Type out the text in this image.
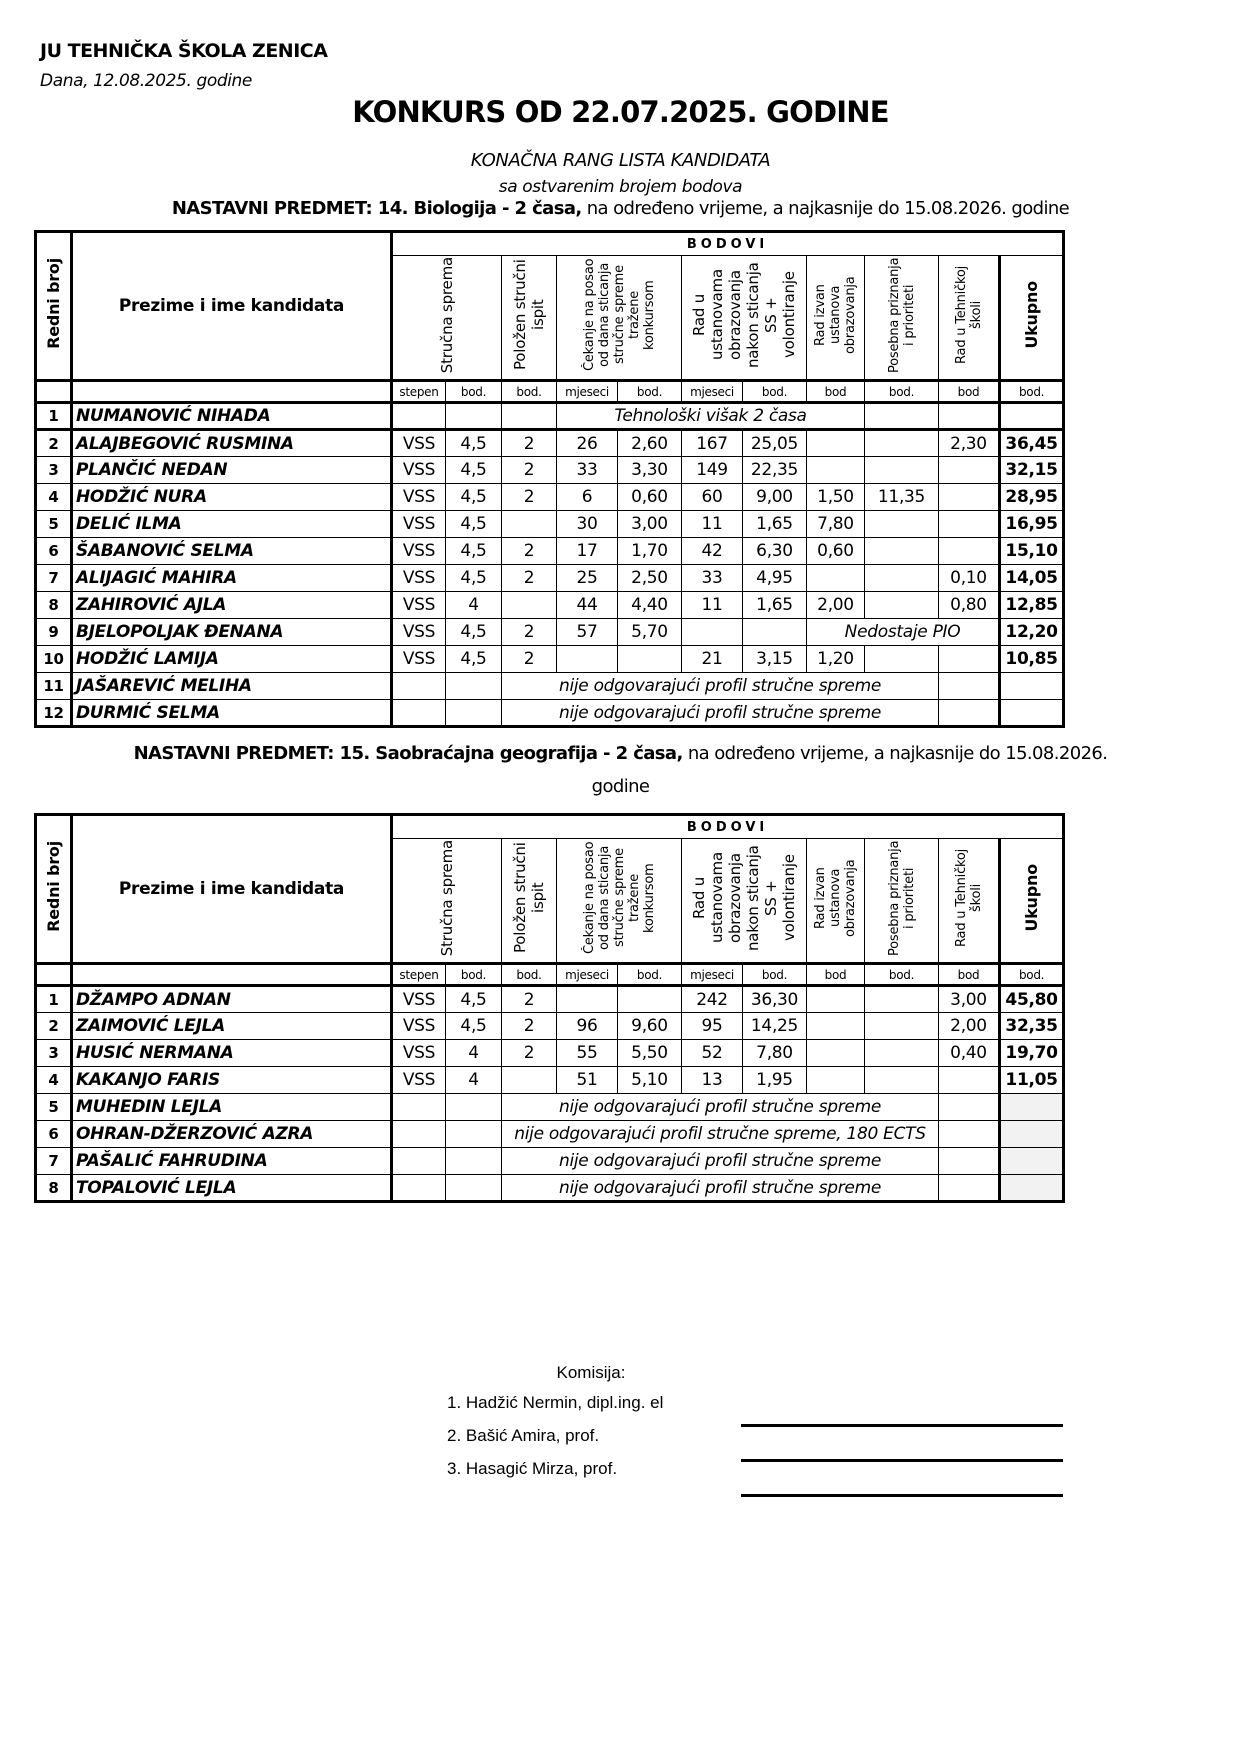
JU TEHNIČKA ŠKOLA ZENICA
Dana, 12.08.2025. godine
KONKURS OD 22.07.2025. GODINE
KONAČNA RANG LISTA KANDIDATA
sa ostvarenim brojem bodova
NASTAVNI PREDMET: 14. Biologija - 2 časa, na određeno vrijeme, a najkasnije do 15.08.2026. godine
Redni broj	Prezime i ime kandidata	BODOVI										
		Stručna sprema		Položen stručni ispit	Čekanje na posao od dana sticanja stručne spreme tražene konkursom		Rad u ustanovama obrazovanja nakon sticanja SS + volontiranje		Rad izvan ustanova obrazovanja	Posebna priznanja i prioriteti	Rad u Tehničkoj školi	Ukupno
		stepen	bod.	bod.	mjeseci	bod.	mjeseci	bod.	bod	bod.	bod	bod.
1	NUMANOVIĆ NIHADA				Tehnološki višak 2 časa							
2	ALAJBEGOVIĆ RUSMINA	VSS	4,5	2	26	2,60	167	25,05			2,30	36,45
3	PLANČIĆ NEDAN	VSS	4,5	2	33	3,30	149	22,35				32,15
4	HODŽIĆ NURA	VSS	4,5	2	6	0,60	60	9,00	1,50	11,35		28,95
5	DELIĆ ILMA	VSS	4,5		30	3,00	11	1,65	7,80			16,95
6	ŠABANOVIĆ SELMA	VSS	4,5	2	17	1,70	42	6,30	0,60			15,10
7	ALIJAGIĆ MAHIRA	VSS	4,5	2	25	2,50	33	4,95			0,10	14,05
8	ZAHIROVIĆ AJLA	VSS	4		44	4,40	11	1,65	2,00		0,80	12,85
9	BJELOPOLJAK ĐENANA	VSS	4,5	2	57	5,70			Nedostaje PIO			12,20
10	HODŽIĆ LAMIJA	VSS	4,5	2			21	3,15	1,20			10,85
11	JAŠAREVIĆ MELIHA			nije odgovarajući profil stručne spreme								
12	DURMIĆ SELMA			nije odgovarajući profil stručne spreme								
NASTAVNI PREDMET: 15. Saobraćajna geografija - 2 časa, na određeno vrijeme, a najkasnije do 15.08.2026.
godine
Redni broj	Prezime i ime kandidata	BODOVI										
		Stručna sprema		Položen stručni ispit	Čekanje na posao od dana sticanja stručne spreme tražene konkursom		Rad u ustanovama obrazovanja nakon sticanja SS + volontiranje		Rad izvan ustanova obrazovanja	Posebna priznanja i prioriteti	Rad u Tehničkoj školi	Ukupno
		stepen	bod.	bod.	mjeseci	bod.	mjeseci	bod.	bod	bod.	bod	bod.
1	DŽAMPO ADNAN	VSS	4,5	2			242	36,30			3,00	45,80
2	ZAIMOVIĆ LEJLA	VSS	4,5	2	96	9,60	95	14,25			2,00	32,35
3	HUSIĆ NERMANA	VSS	4	2	55	5,50	52	7,80			0,40	19,70
4	KAKANJO FARIS	VSS	4		51	5,10	13	1,95				11,05
5	MUHEDIN LEJLA			nije odgovarajući profil stručne spreme								
6	OHRAN-DŽERZOVIĆ AZRA			nije odgovarajući profil stručne spreme, 180 ECTS								
7	PAŠALIĆ FAHRUDINA			nije odgovarajući profil stručne spreme								
8	TOPALOVIĆ LEJLA			nije odgovarajući profil stručne spreme								
Komisija:
1. Hadžić Nermin, dipl.ing. el
2. Bašić Amira, prof.
3. Hasagić Mirza, prof.
